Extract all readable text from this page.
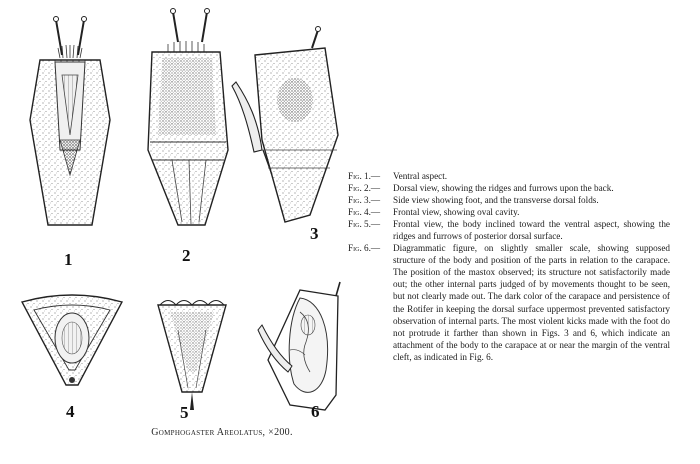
1	2
3
4	5	6
Gomphogaster Areolatus, ×200.
Fig. 1.— Ventral aspect.
Fig. 2.— Dorsal view, showing the ridges and furrows upon the back.
Fig. 3.— Side view showing foot, and the transverse dorsal folds.
Fig. 4.— Frontal view, showing oval cavity.
Fig. 5.— Frontal view, the body inclined toward the ventral aspect, showing the ridges and furrows of posterior dorsal surface.
Fig. 6.— Diagrammatic figure, on slightly smaller scale, showing supposed structure of the body and position of the parts in relation to the carapace. The position of the mastox observed; its structure not satisfactorily made out; the other internal parts judged of by movements thought to be seen, but not clearly made out. The dark color of the carapace and persistence of the Rotifer in keeping the dorsal surface uppermost prevented satisfactory observation of internal parts. The most violent kicks made with the foot do not protrude it farther than shown in Figs. 3 and 6, which indicate an attachment of the body to the carapace at or near the margin of the ventral cleft, as indicated in Fig. 6.
